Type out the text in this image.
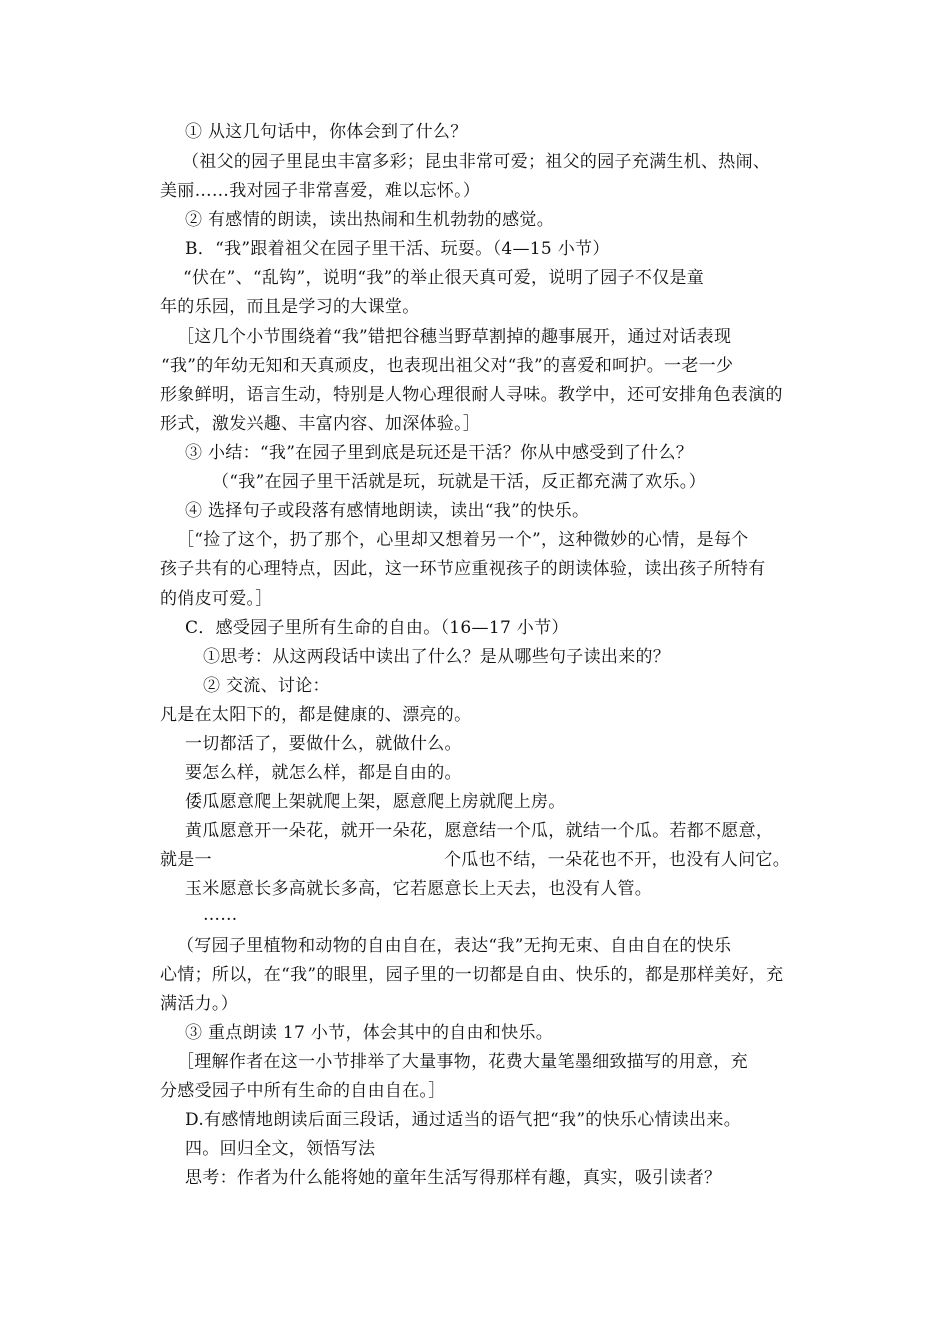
① 从这几句话中，你体会到了什么？
（祖父的园子里昆虫丰富多彩；昆虫非常可爱；祖父的园子充满生机、热闹、
美丽……我对园子非常喜爱，难以忘怀。）
② 有感情的朗读，读出热闹和生机勃勃的感觉。
B．“我”跟着祖父在园子里干活、玩耍。（4—15 小节）
“伏在”、“乱钩”，说明“我”的举止很天真可爱，说明了园子不仅是童
年的乐园，而且是学习的大课堂。
［这几个小节围绕着“我”错把谷穗当野草割掉的趣事展开，通过对话表现
“我”的年幼无知和天真顽皮，也表现出祖父对“我”的喜爱和呵护。一老一少
形象鲜明，语言生动，特别是人物心理很耐人寻味。教学中，还可安排角色表演的
形式，激发兴趣、丰富内容、加深体验。］
③ 小结：“我”在园子里到底是玩还是干活？你从中感受到了什么？
（“我”在园子里干活就是玩，玩就是干活，反正都充满了欢乐。）
④ 选择句子或段落有感情地朗读，读出“我”的快乐。
［“捡了这个，扔了那个，心里却又想着另一个”，这种微妙的心情，是每个
孩子共有的心理特点，因此，这一环节应重视孩子的朗读体验，读出孩子所特有
的俏皮可爱。］
C．感受园子里所有生命的自由。（16—17 小节）
①思考：从这两段话中读出了什么？是从哪些句子读出来的？
② 交流、讨论：
凡是在太阳下的，都是健康的、漂亮的。
一切都活了，要做什么，就做什么。
要怎么样，就怎么样，都是自由的。
倭瓜愿意爬上架就爬上架，愿意爬上房就爬上房。
黄瓜愿意开一朵花，就开一朵花，愿意结一个瓜，就结一个瓜。若都不愿意，
就是一	个瓜也不结，一朵花也不开，也没有人问它。
玉米愿意长多高就长多高，它若愿意长上天去，也没有人管。
……
（写园子里植物和动物的自由自在，表达“我”无拘无束、自由自在的快乐
心情；所以，在“我”的眼里，园子里的一切都是自由、快乐的，都是那样美好，充
满活力。）
③ 重点朗读 17 小节，体会其中的自由和快乐。
［理解作者在这一小节排举了大量事物，花费大量笔墨细致描写的用意，充
分感受园子中所有生命的自由自在。］
D.有感情地朗读后面三段话，通过适当的语气把“我”的快乐心情读出来。
四。回归全文，领悟写法
思考：作者为什么能将她的童年生活写得那样有趣，真实，吸引读者？
